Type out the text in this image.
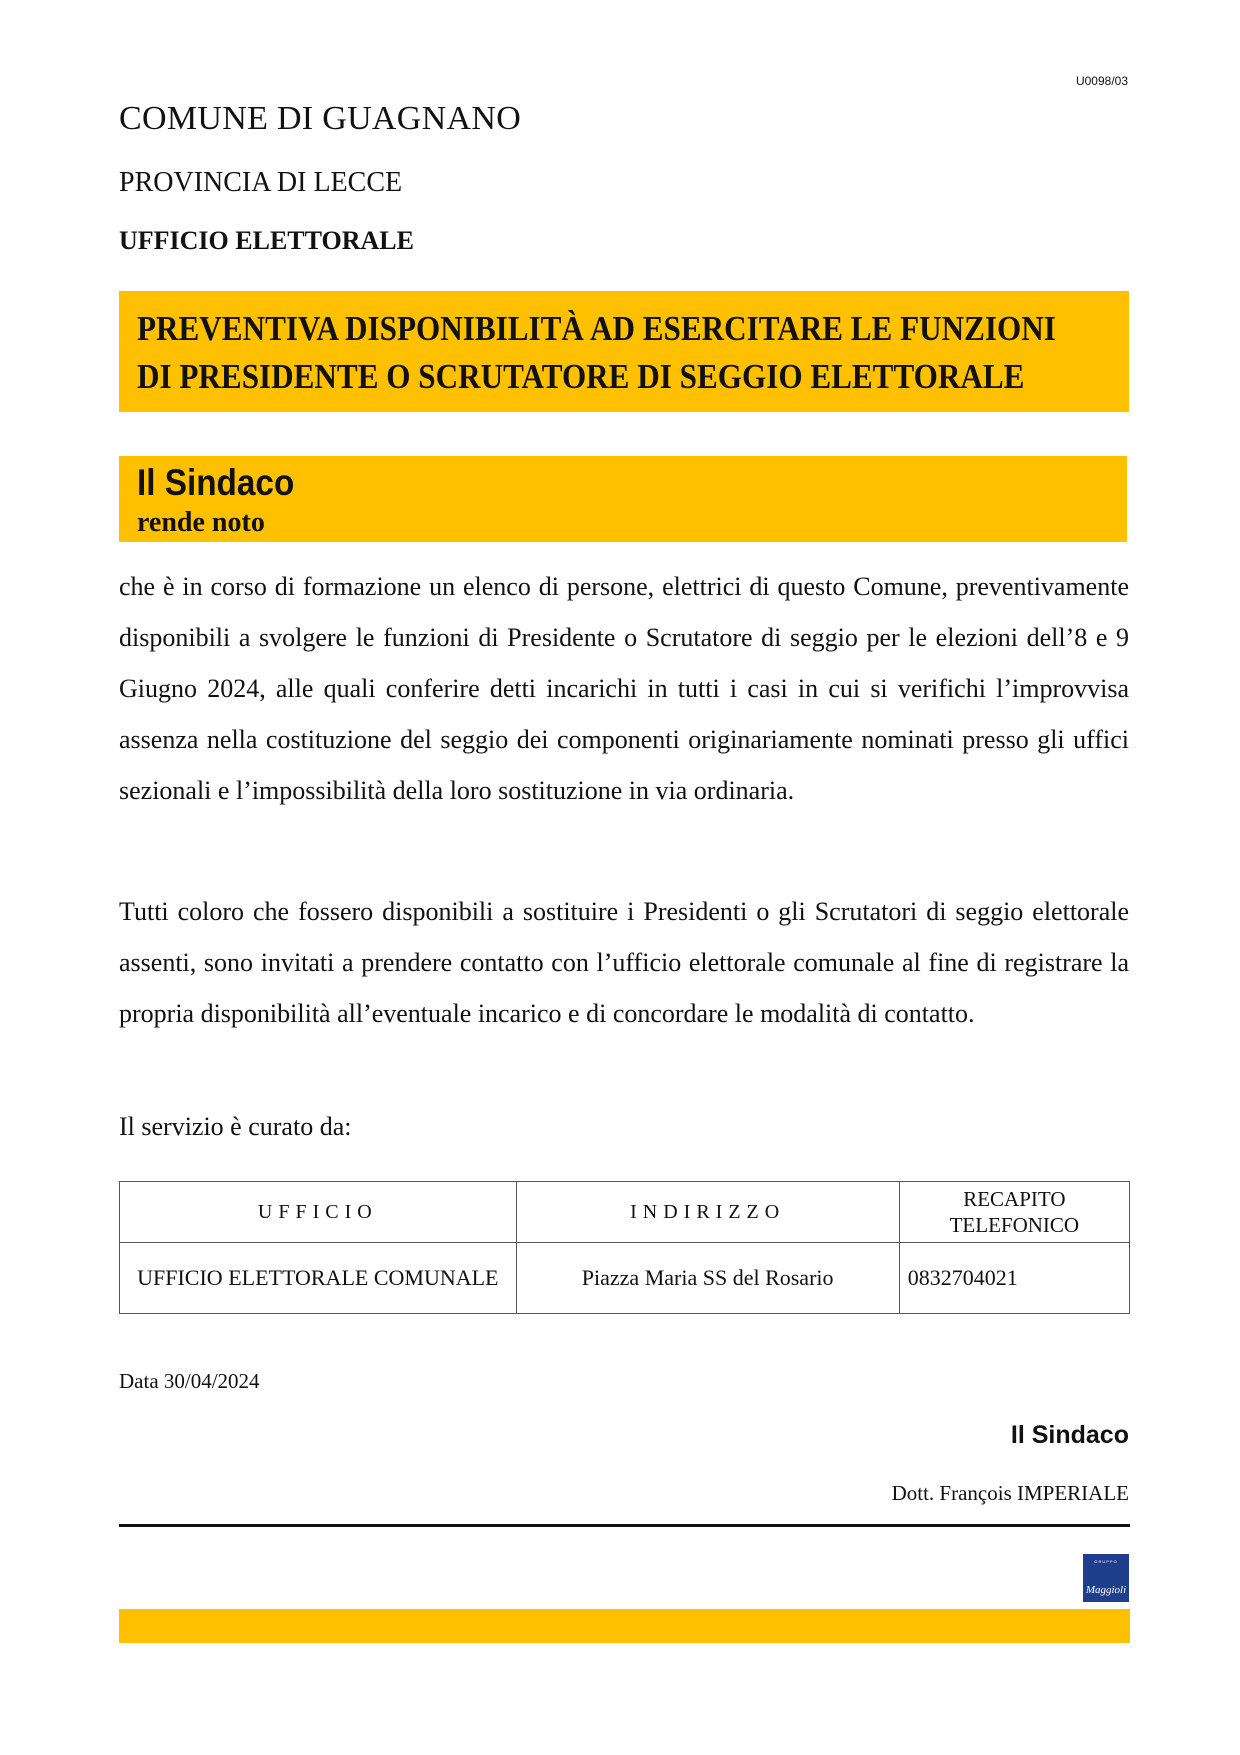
U0098/03
COMUNE DI GUAGNANO
PROVINCIA DI LECCE
UFFICIO ELETTORALE
PREVENTIVA DISPONIBILITÀ AD ESERCITARE LE FUNZIONI
DI PRESIDENTE O SCRUTATORE DI SEGGIO ELETTORALE
Il Sindaco
rende noto
che è in corso di formazione un elenco di persone, elettrici di questo Comune, preventivamente disponibili a svolgere le funzioni di Presidente o Scrutatore di seggio per le elezioni dell’8 e 9 Giugno 2024, alle quali conferire detti incarichi in tutti i casi in cui si verifichi l’improvvisa assenza nella costituzione del seggio dei componenti originariamente nominati presso gli uffici sezionali e l’impossibilità della loro sostituzione in via ordinaria.
Tutti coloro che fossero disponibili a sostituire i Presidenti o gli Scrutatori di seggio elettorale assenti, sono invitati a prendere contatto con l’ufficio elettorale comunale al fine di registrare la propria disponibilità all’eventuale incarico e di concordare le modalità di contatto.
Il servizio è curato da:
UFFICIO	INDIRIZZO	RECAPITO
TELEFONICO

UFFICIO ELETTORALE COMUNALE	Piazza Maria SS del Rosario	0832704021
Data 30/04/2024
Il Sindaco
Dott. François IMPERIALE
GRUPPO
Maggioli
